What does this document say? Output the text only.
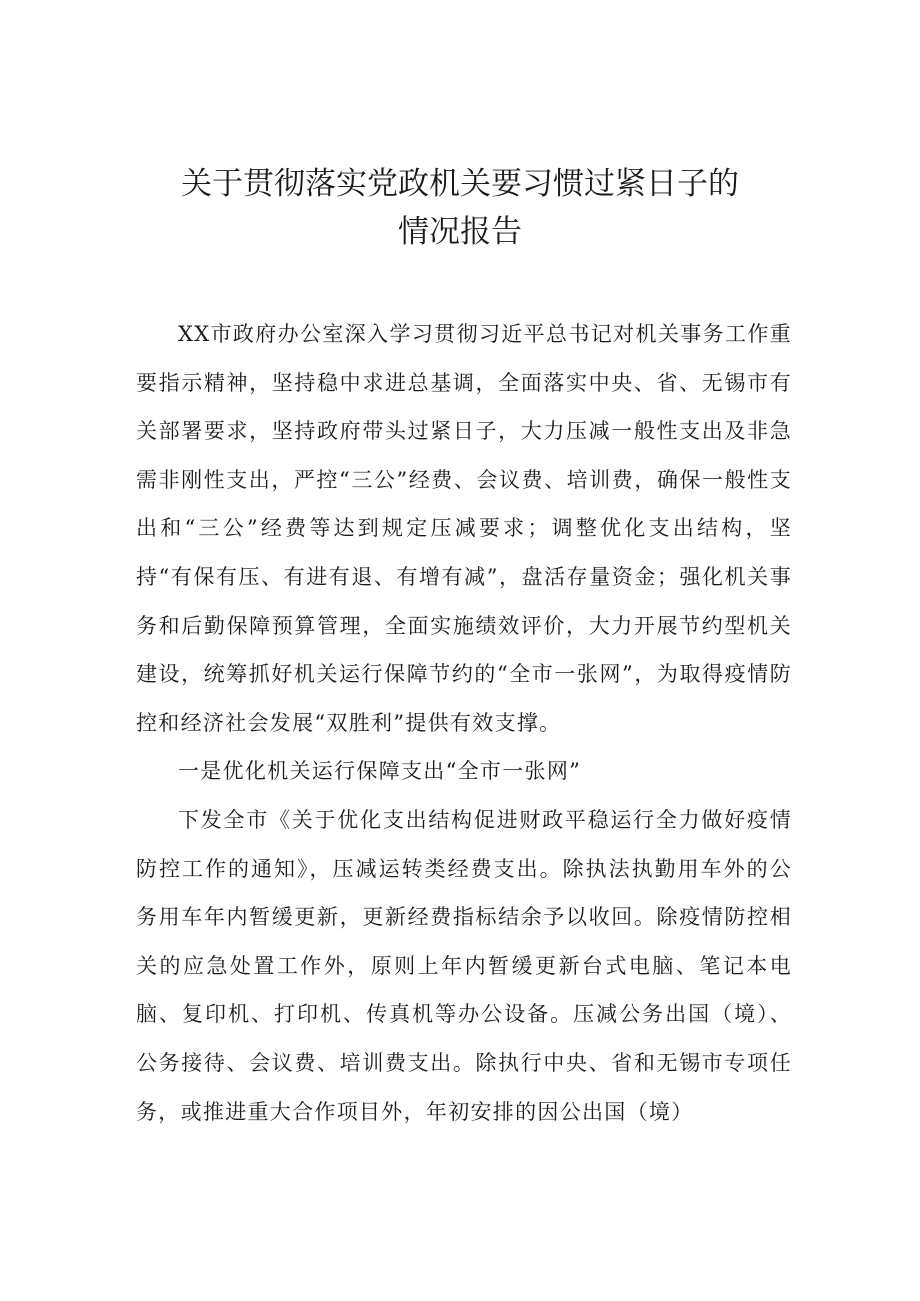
关于贯彻落实党政机关要习惯过紧日子的
情况报告

XX市政府办公室深入学习贯彻习近平总书记对机关事务工作重要指示精神，坚持稳中求进总基调，全面落实中央、省、无锡市有关部署要求，坚持政府带头过紧日子，大力压减一般性支出及非急需非刚性支出，严控“三公”经费、会议费、培训费，确保一般性支出和“三公”经费等达到规定压减要求；调整优化支出结构，坚持“有保有压、有进有退、有增有减”，盘活存量资金；强化机关事务和后勤保障预算管理，全面实施绩效评价，大力开展节约型机关建设，统筹抓好机关运行保障节约的“全市一张网”，为取得疫情防控和经济社会发展“双胜利”提供有效支撑。

一是优化机关运行保障支出“全市一张网”

下发全市《关于优化支出结构促进财政平稳运行全力做好疫情防控工作的通知》，压减运转类经费支出。除执法执勤用车外的公务用车年内暂缓更新，更新经费指标结余予以收回。除疫情防控相关的应急处置工作外，原则上年内暂缓更新台式电脑、笔记本电脑、复印机、打印机、传真机等办公设备。压减公务出国（境）、公务接待、会议费、培训费支出。除执行中央、省和无锡市专项任务，或推进重大合作项目外，年初安排的因公出国（境）
